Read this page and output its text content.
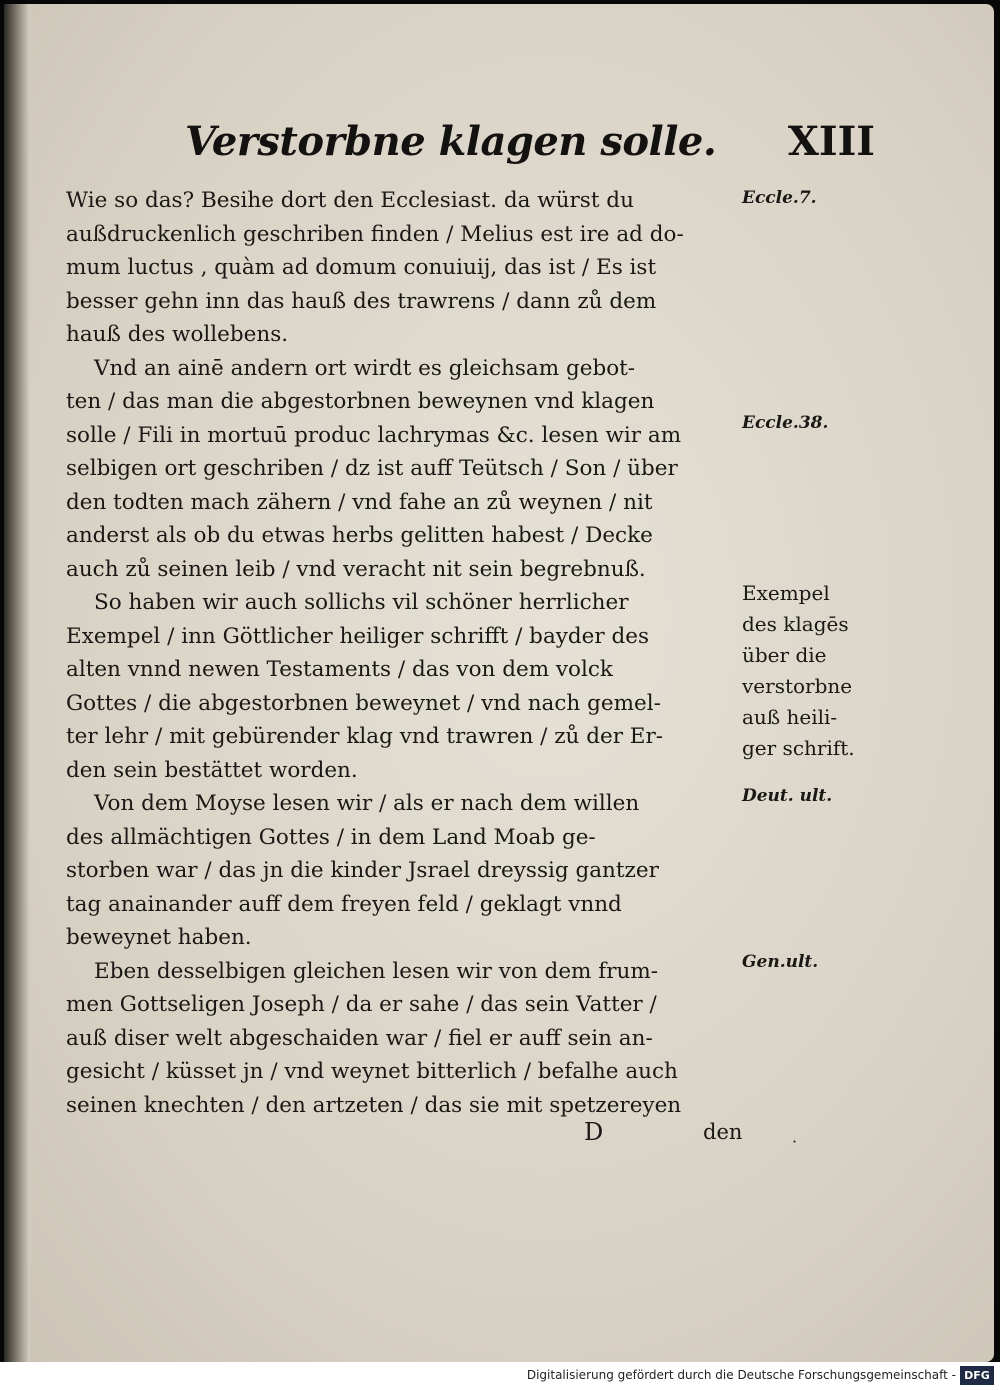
Verstorbne klagen solle. XIII
Wie so das? Besihe dort den Ecclesiast. da würst du
außdruckenlich geschriben finden / Melius est ire ad do-
mum luctus , quàm ad domum conuiuij, das ist / Es ist
besser gehn inn das hauß des trawrens / dann zů dem
hauß des wollebens.
Vnd an ainē andern ort wirdt es gleichsam gebot-
ten / das man die abgestorbnen beweynen vnd klagen
solle / Fili in mortuū produc lachrymas &c. lesen wir am
selbigen ort geschriben / dz ist auff Teütsch / Son / über
den todten mach zähern / vnd fahe an zů weynen / nit
anderst als ob du etwas herbs gelitten habest / Decke
auch zů seinen leib / vnd veracht nit sein begrebnuß.
So haben wir auch sollichs vil schöner herrlicher
Exempel / inn Göttlicher heiliger schrifft / bayder des
alten vnnd newen Testaments / das von dem volck
Gottes / die abgestorbnen beweynet / vnd nach gemel-
ter lehr / mit gebürender klag vnd trawren / zů der Er-
den sein bestättet worden.
Von dem Moyse lesen wir / als er nach dem willen
des allmächtigen Gottes / in dem Land Moab ge-
storben war / das jn die kinder Jsrael dreyssig gantzer
tag anainander auff dem freyen feld / geklagt vnnd
beweynet haben.
Eben desselbigen gleichen lesen wir von dem frum-
men Gottseligen Joseph / da er sahe / das sein Vatter /
auß diser welt abgeschaiden war / fiel er auff sein an-
gesicht / küsset jn / vnd weynet bitterlich / befalhe auch
seinen knechten / den artzeten / das sie mit spetzereyen
Eccle.7.
Eccle.38.
Exempel
des klagēs
über die
verstorbne
auß heili-
ger schrift.
Deut. ult.
Gen.ult.
D	den	·
Digitalisierung gefördert durch die Deutsche Forschungsgemeinschaft - DFG
